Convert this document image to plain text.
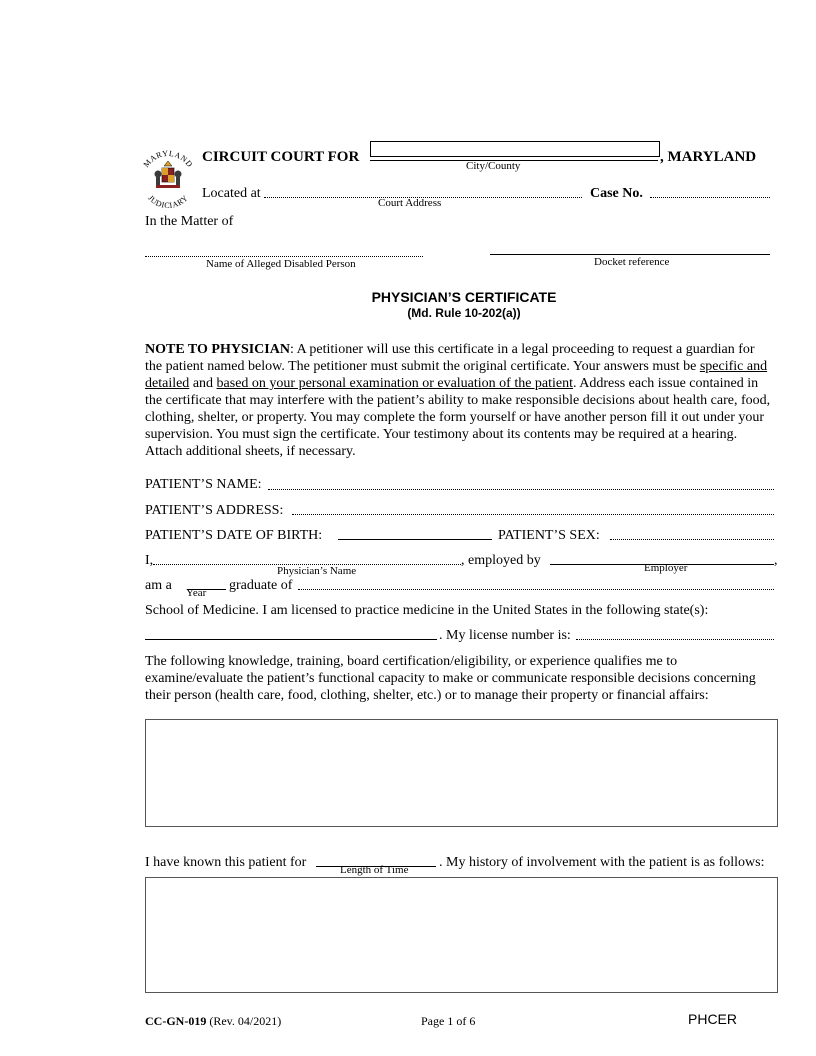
MARYLAND
JUDICIARY
CIRCUIT COURT FOR
City/County
, MARYLAND
Located at
Court Address
Case No.
In the Matter of
Name of Alleged Disabled Person	Docket reference
PHYSICIAN’S CERTIFICATE
(Md. Rule 10-202(a))
NOTE TO PHYSICIAN: A petitioner will use this certificate in a legal proceeding to request a guardian for the patient named below. The petitioner must submit the original certificate. Your answers must be specific and detailed and based on your personal examination or evaluation of the patient. Address each issue contained in the certificate that may interfere with the patient’s ability to make responsible decisions about health care, food, clothing, shelter, or property. You may complete the form yourself or have another person fill it out under your supervision. You must sign the certificate. Your testimony about its contents may be required at a hearing. Attach additional sheets, if necessary.
PATIENT’S NAME:
PATIENT’S ADDRESS:
PATIENT’S DATE OF BIRTH:	PATIENT’S SEX:
I,
Physician’s Name
, employed by	Employer	,
am a Year graduate of
School of Medicine. I am licensed to practice medicine in the United States in the following state(s):
. My license number is:
The following knowledge, training, board certification/eligibility, or experience qualifies me to examine/evaluate the patient’s functional capacity to make or communicate responsible decisions concerning their person (health care, food, clothing, shelter, etc.) or to manage their property or financial affairs:
I have known this patient for	Length of Time . My history of involvement with the patient is as follows:
CC-GN-019 (Rev. 04/2021)	Page 1 of 6	PHCER
